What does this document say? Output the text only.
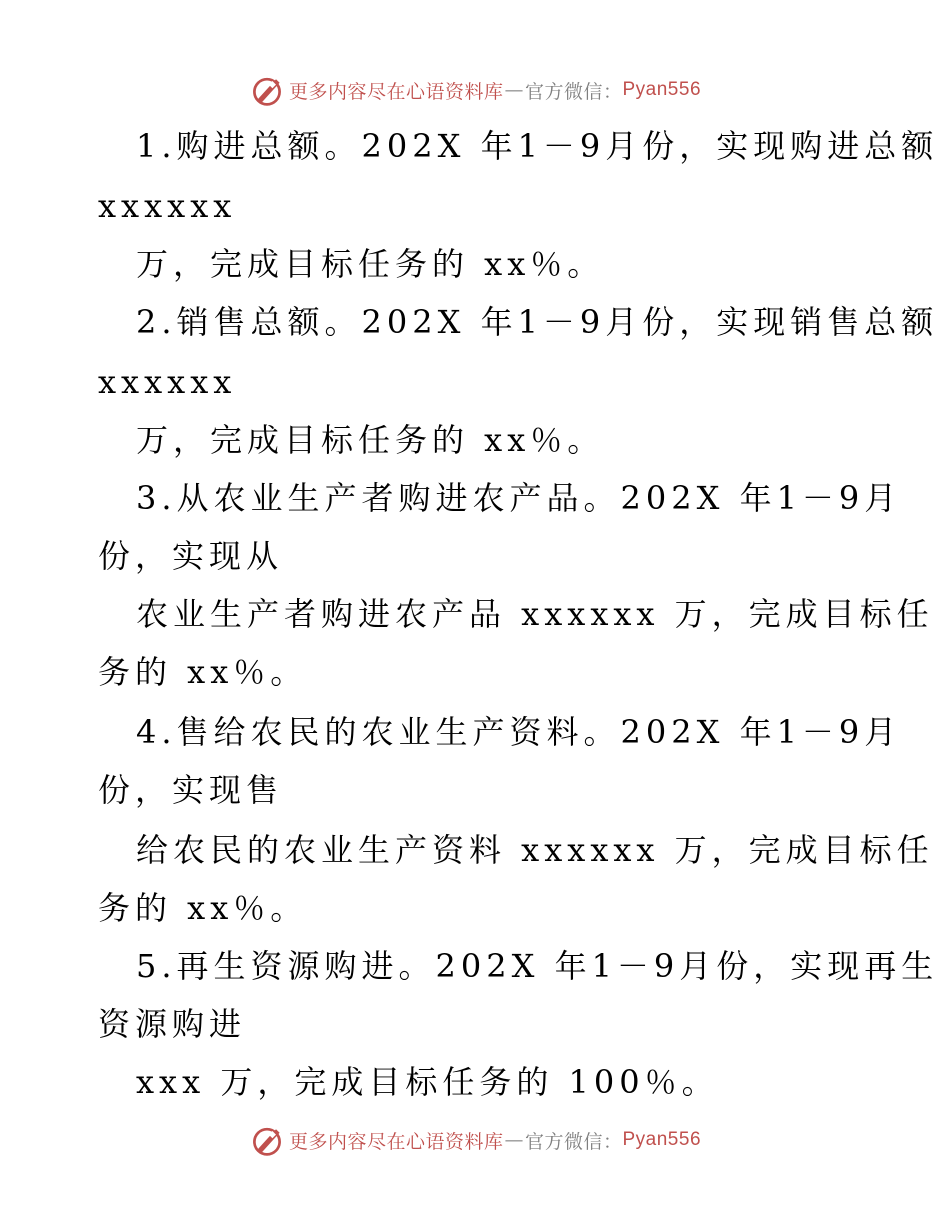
更多内容尽在心语资料库 — 官方微信： Pyan556
1.购进总额。202X 年1－9月份，实现购进总额
xxxxxx
万，完成目标任务的 xx％。
2.销售总额。202X 年1－9月份，实现销售总额
xxxxxx
万，完成目标任务的 xx％。
3.从农业生产者购进农产品。202X 年1－9月
份，实现从
农业生产者购进农产品 xxxxxx 万，完成目标任
务的 xx％。
4.售给农民的农业生产资料。202X 年1－9月
份，实现售
给农民的农业生产资料 xxxxxx 万，完成目标任
务的 xx％。
5.再生资源购进。202X 年1－9月份，实现再生
资源购进
xxx 万，完成目标任务的 100％。
更多内容尽在心语资料库 — 官方微信： Pyan556
